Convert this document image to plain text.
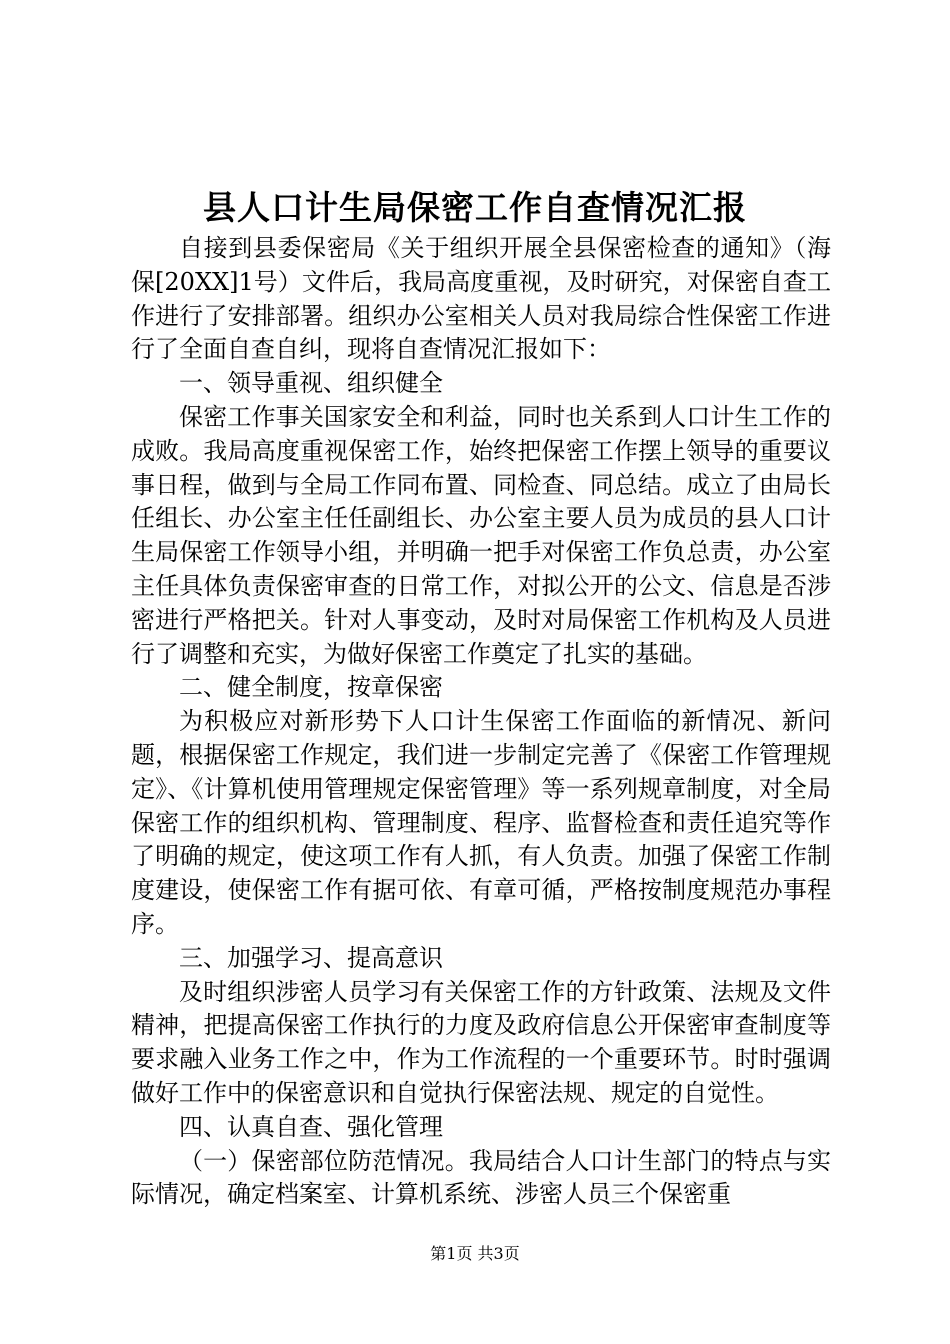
县人口计生局保密工作自查情况汇报

自接到县委保密局《关于组织开展全县保密检查的通知》（海保[20XX]1号）文件后，我局高度重视，及时研究，对保密自查工作进行了安排部署。组织办公室相关人员对我局综合性保密工作进行了全面自查自纠，现将自查情况汇报如下：

一、领导重视、组织健全

保密工作事关国家安全和利益，同时也关系到人口计生工作的成败。我局高度重视保密工作，始终把保密工作摆上领导的重要议事日程，做到与全局工作同布置、同检查、同总结。成立了由局长任组长、办公室主任任副组长、办公室主要人员为成员的县人口计生局保密工作领导小组，并明确一把手对保密工作负总责，办公室主任具体负责保密审查的日常工作，对拟公开的公文、信息是否涉密进行严格把关。针对人事变动，及时对局保密工作机构及人员进行了调整和充实，为做好保密工作奠定了扎实的基础。

二、健全制度，按章保密

为积极应对新形势下人口计生保密工作面临的新情况、新问题，根据保密工作规定，我们进一步制定完善了《保密工作管理规定》、《计算机使用管理规定保密管理》等一系列规章制度，对全局保密工作的组织机构、管理制度、程序、监督检查和责任追究等作了明确的规定，使这项工作有人抓，有人负责。加强了保密工作制度建设，使保密工作有据可依、有章可循，严格按制度规范办事程序。

三、加强学习、提高意识

及时组织涉密人员学习有关保密工作的方针政策、法规及文件精神，把提高保密工作执行的力度及政府信息公开保密审查制度等要求融入业务工作之中，作为工作流程的一个重要环节。时时强调做好工作中的保密意识和自觉执行保密法规、规定的自觉性。

四、认真自查、强化管理

（一）保密部位防范情况。我局结合人口计生部门的特点与实际情况，确定档案室、计算机系统、涉密人员三个保密重

第1页 共3页
